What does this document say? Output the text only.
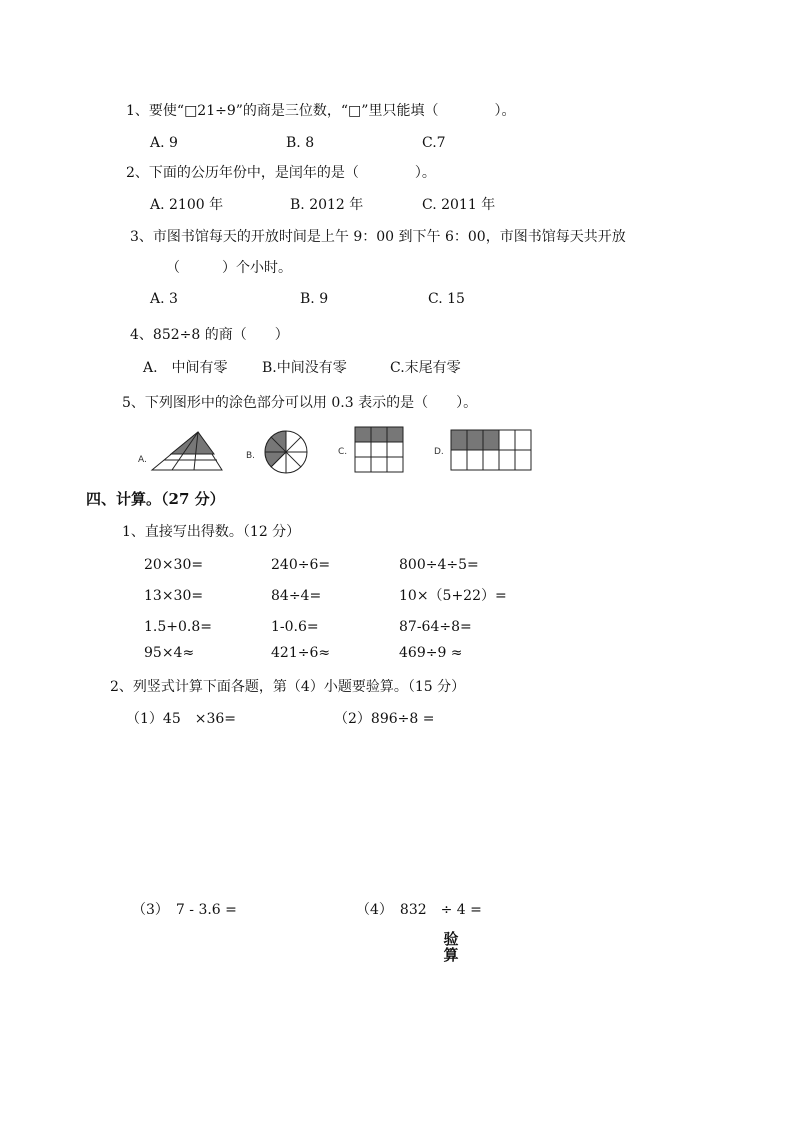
1、要使“□21÷9”的商是三位数，“□”里只能填（　　　　）。
A. 9	B. 8	C.7
2、下面的公历年份中，是闰年的是（　　　　）。
A. 2100 年	B. 2012 年	C. 2011 年
3、市图书馆每天的开放时间是上午 9：00 到下午 6：00，市图书馆每天共开放
（　　　）个小时。
A. 3	B. 9	C. 15
4、852÷8 的商（　　）
A.　中间有零 B.中间没有零	C.末尾有零
5、下列图形中的涂色部分可以用 0.3 表示的是（　　）。
A.	B.	C.	D.
四、计算。（27 分）
1、直接写出得数。（12 分）
20×30=	240÷6=	800÷4÷5=
13×30=	84÷4=	10×（5+22）=
1.5+0.8=	1-0.6=	87-64÷8=
95×4≈	421÷6≈	469÷9 ≈
2、列竖式计算下面各题，第（4）小题要验算。（15 分）
（1）45　×36=	（2）896÷8 =
（3）　7 - 3.6 =	（4）　832　÷ 4 =
验
算
